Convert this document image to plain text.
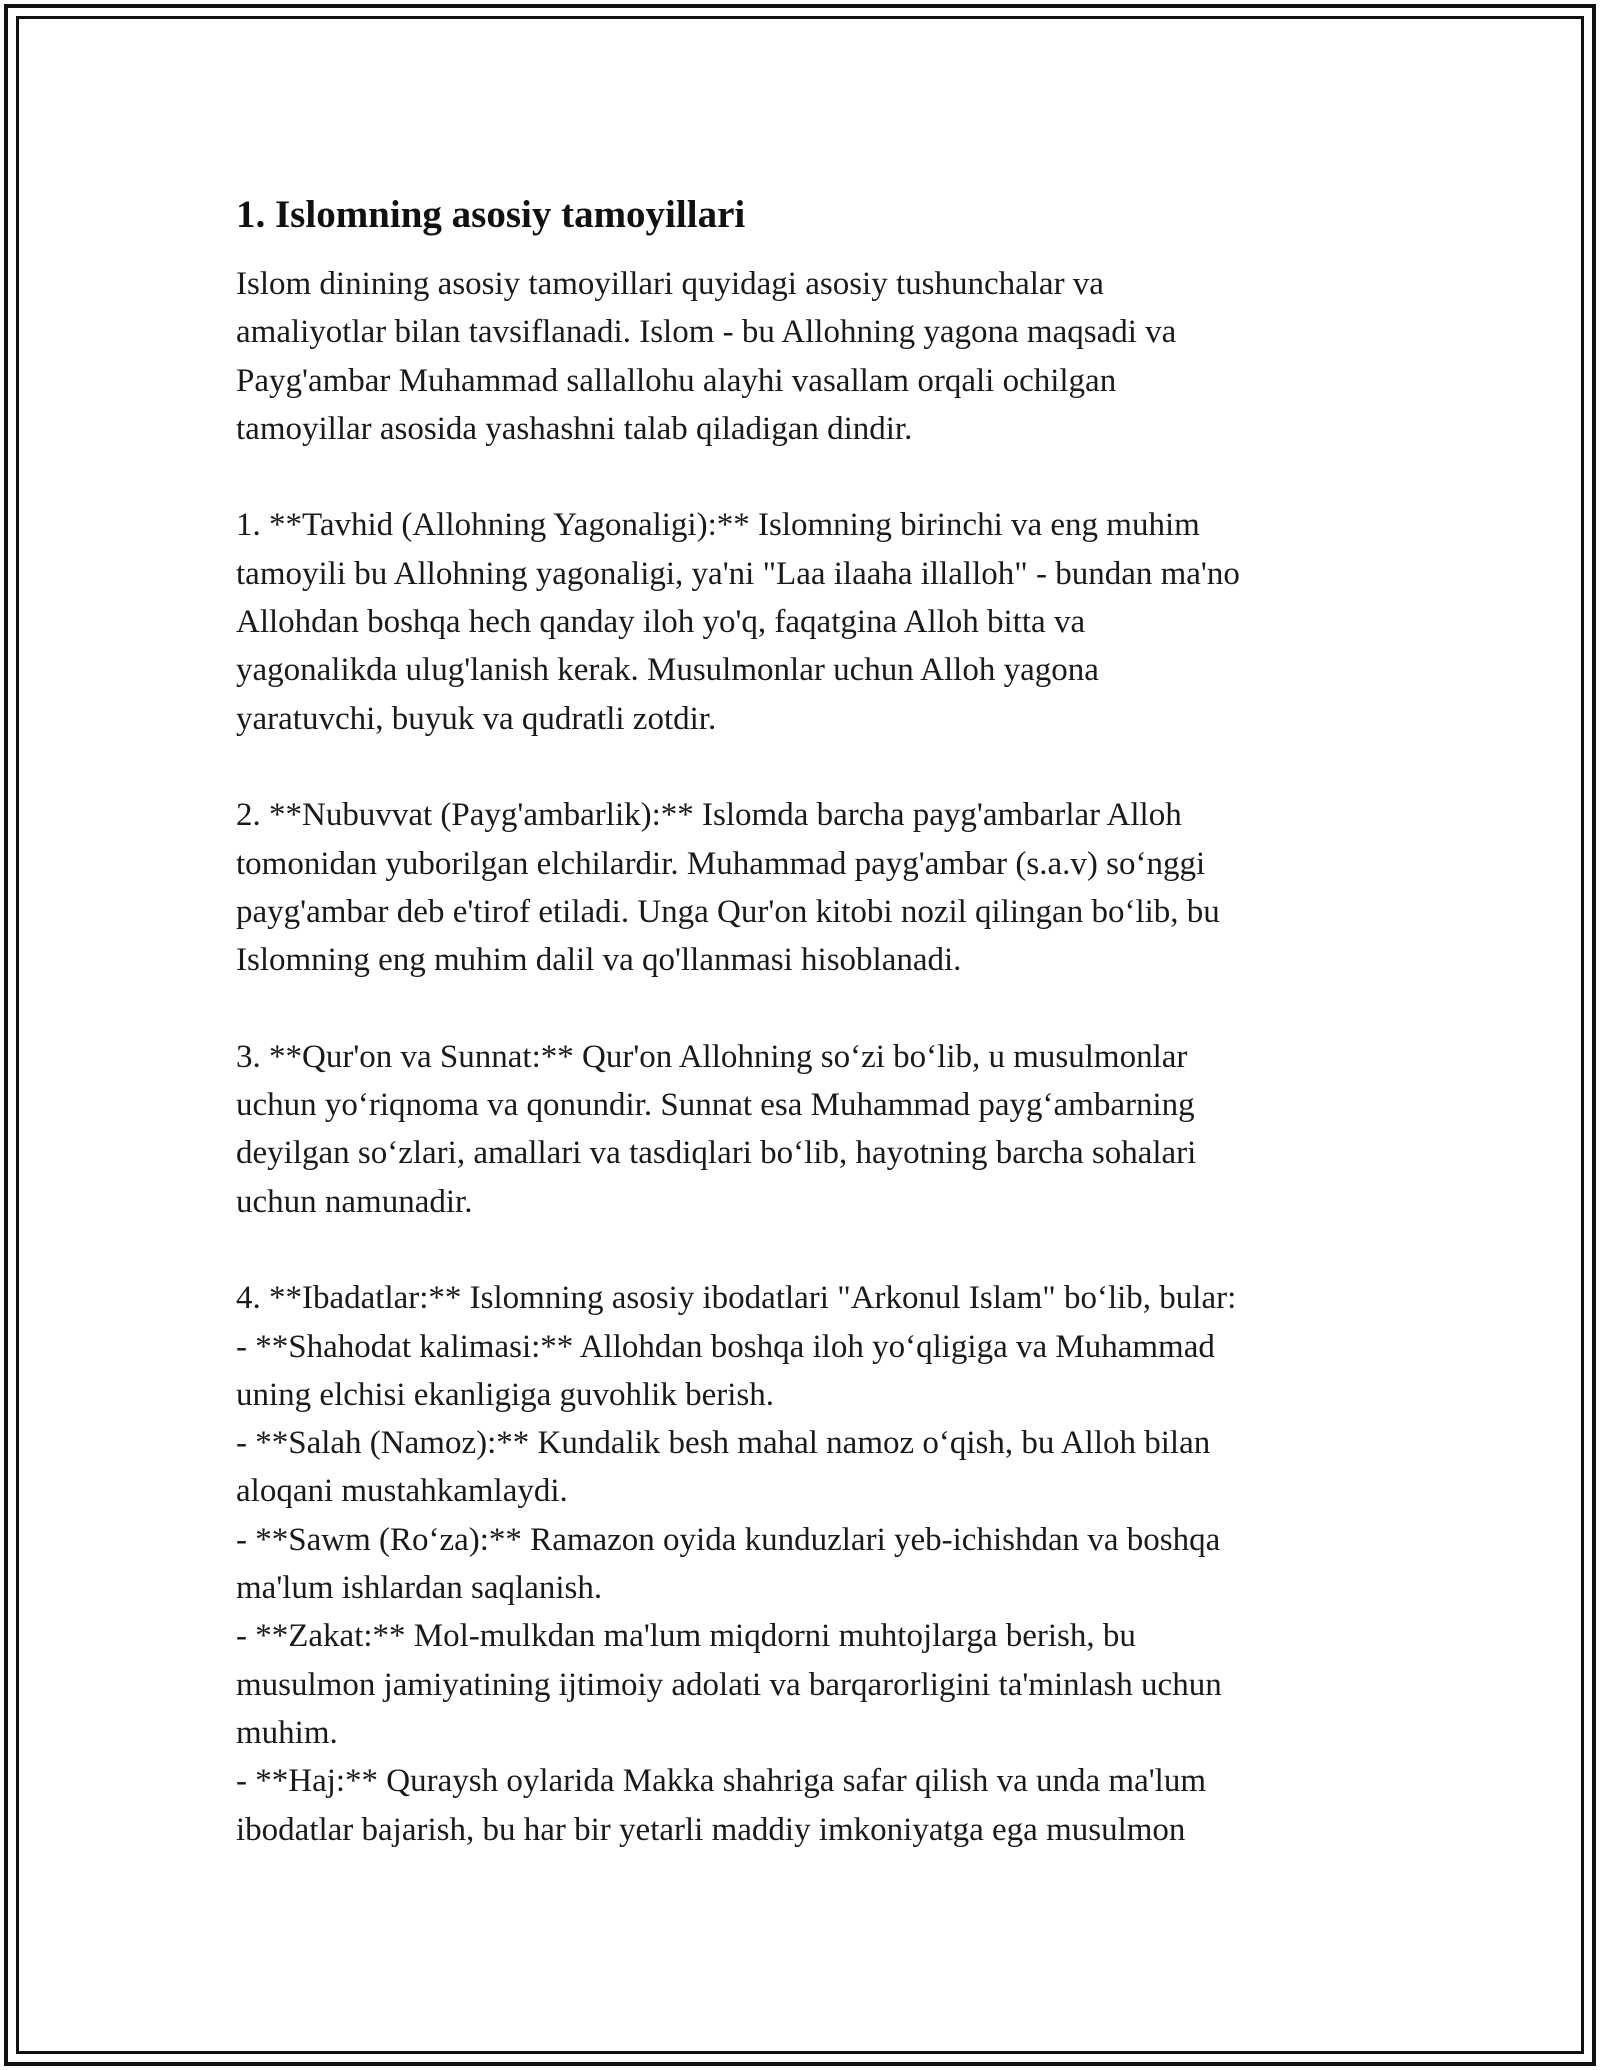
1. Islomning asosiy tamoyillari

Islom dinining asosiy tamoyillari quyidagi asosiy tushunchalar va
amaliyotlar bilan tavsiflanadi. Islom - bu Allohning yagona maqsadi va
Payg'ambar Muhammad sallallohu alayhi vasallam orqali ochilgan
tamoyillar asosida yashashni talab qiladigan dindir.

1. **Tavhid (Allohning Yagonaligi):** Islomning birinchi va eng muhim
tamoyili bu Allohning yagonaligi, ya'ni "Laa ilaaha illalloh" - bundan ma'no
Allohdan boshqa hech qanday iloh yo'q, faqatgina Alloh bitta va
yagonalikda ulug'lanish kerak. Musulmonlar uchun Alloh yagona
yaratuvchi, buyuk va qudratli zotdir.

2. **Nubuvvat (Payg'ambarlik):** Islomda barcha payg'ambarlar Alloh
tomonidan yuborilgan elchilardir. Muhammad payg'ambar (s.a.v) soʻnggi
payg'ambar deb e'tirof etiladi. Unga Qur'on kitobi nozil qilingan boʻlib, bu
Islomning eng muhim dalil va qo'llanmasi hisoblanadi.

3. **Qur'on va Sunnat:** Qur'on Allohning soʻzi boʻlib, u musulmonlar
uchun yoʻriqnoma va qonundir. Sunnat esa Muhammad paygʻambarning
deyilgan soʻzlari, amallari va tasdiqlari boʻlib, hayotning barcha sohalari
uchun namunadir.

4. **Ibadatlar:** Islomning asosiy ibodatlari "Arkonul Islam" boʻlib, bular:
- **Shahodat kalimasi:** Allohdan boshqa iloh yoʻqligiga va Muhammad
uning elchisi ekanligiga guvohlik berish.
- **Salah (Namoz):** Kundalik besh mahal namoz oʻqish, bu Alloh bilan
aloqani mustahkamlaydi.
- **Sawm (Roʻza):** Ramazon oyida kunduzlari yeb-ichishdan va boshqa
ma'lum ishlardan saqlanish.
- **Zakat:** Mol-mulkdan ma'lum miqdorni muhtojlarga berish, bu
musulmon jamiyatining ijtimoiy adolati va barqarorligini ta'minlash uchun
muhim.
- **Haj:** Quraysh oylarida Makka shahriga safar qilish va unda ma'lum
ibodatlar bajarish, bu har bir yetarli maddiy imkoniyatga ega musulmon
